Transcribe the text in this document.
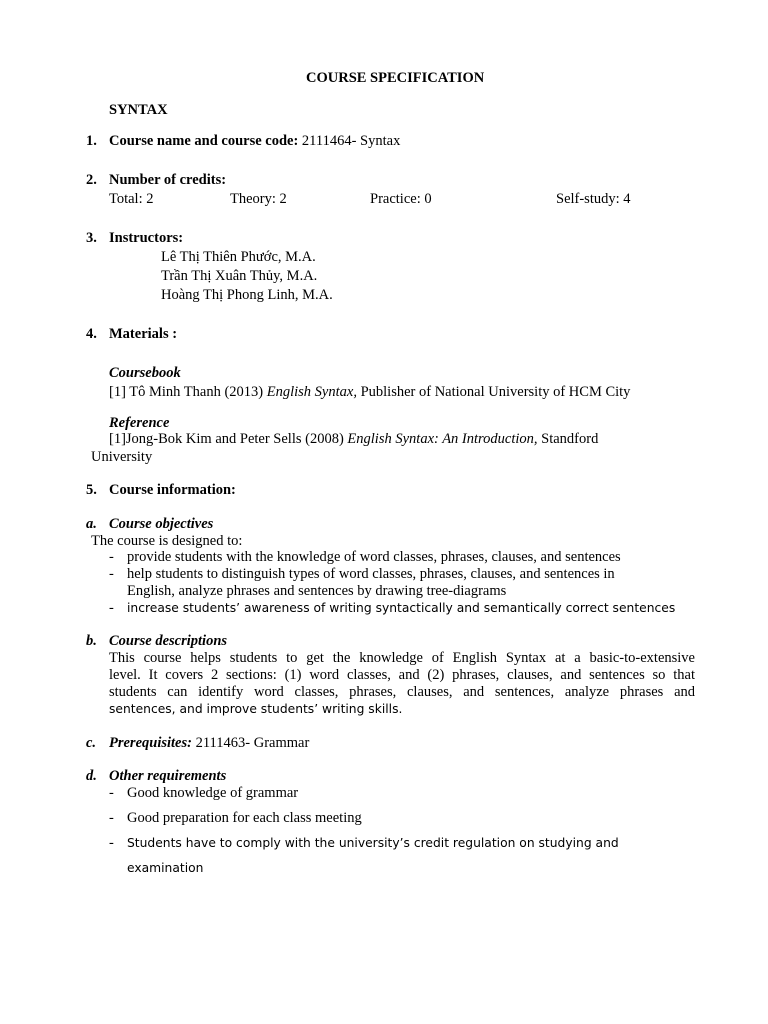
COURSE SPECIFICATION
SYNTAX
1. Course name and course code: 2111464- Syntax
2. Number of credits:
Total: 2	Theory: 2	Practice: 0	Self-study: 4
3. Instructors:
Lê Thị Thiên Phước, M.A.
Trần Thị Xuân Thủy, M.A.
Hoàng Thị Phong Linh, M.A.
4. Materials :
Coursebook
[1] Tô Minh Thanh (2013) English Syntax, Publisher of National University of HCM City
Reference
[1]Jong-Bok Kim and Peter Sells (2008) English Syntax: An Introduction, Standford
University
5. Course information:
a. Course objectives
The course is designed to:
- provide students with the knowledge of word classes, phrases, clauses, and sentences
- help students to distinguish types of word classes, phrases, clauses, and sentences in
English, analyze phrases and sentences by drawing tree-diagrams
- increase students’ awareness of writing syntactically and semantically correct sentences
b. Course descriptions
This course helps students to get the knowledge of English Syntax at a basic-to-extensive
level. It covers 2 sections: (1) word classes, and (2) phrases, clauses, and sentences so that
students can identify word classes, phrases, clauses, and sentences, analyze phrases and
sentences, and improve students’ writing skills.
c. Prerequisites: 2111463- Grammar
d. Other requirements
- Good knowledge of grammar
- Good preparation for each class meeting
- Students have to comply with the university’s credit regulation on studying and
examination
